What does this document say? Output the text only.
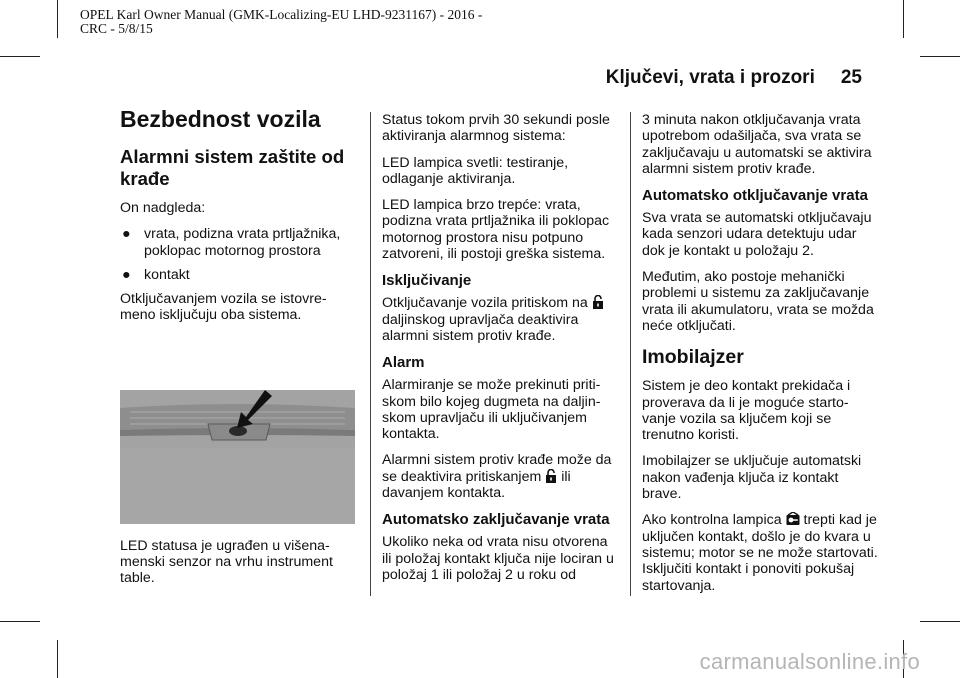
OPEL Karl Owner Manual (GMK-Localizing-EU LHD-9231167) - 2016 -
CRC - 5/8/15
Ključevi, vrata i prozori 25
Bezbednost vozila
Alarmni sistem zaštite od krađe

On nadgleda:

● vrata, podizna vrata prtljažnika, poklopac motornog prostora
● kontakt

Otključavanjem vozila se istovre-meno isključuju oba sistema.

LED statusa je ugrađen u višena-menski senzor na vrhu instrument table.

Status tokom prvih 30 sekundi posle aktiviranja alarmnog sistema:

LED lampica svetli: testiranje, odlaganje aktiviranja.

LED lampica brzo trepće: vrata, podizna vrata prtljažnika ili poklopac motornog prostora nisu potpuno zatvoreni, ili postoji greška sistema.

Isključivanje

Otključavanje vozila pritiskom na  daljinskog upravljača deaktivira alarmni sistem protiv krađe.

Alarm

Alarmiranje se može prekinuti priti-skom bilo kojeg dugmeta na daljin-skom upravljaču ili uključivanjem kontakta.

Alarmni sistem protiv krađe može da se deaktivira pritiskanjem ili davanjem kontakta.

Automatsko zaključavanje vrata

Ukoliko neka od vrata nisu otvorena ili položaj kontakt ključa nije lociran u položaj 1 ili položaj 2 u roku od

3 minuta nakon otključavanja vrata upotrebom odašiljača, sva vrata se zaključavaju u automatski se aktivira alarmni sistem protiv krađe.

Automatsko otključavanje vrata

Sva vrata se automatski otključavaju kada senzori udara detektuju udar dok je kontakt u položaju 2.

Međutim, ako postoje mehanički problemi u sistemu za zaključavanje vrata ili akumulatoru, vrata se možda neće otključati.

Imobilajzer

Sistem je deo kontakt prekidača i proverava da li je moguće starto-vanje vozila sa ključem koji se trenutno koristi.

Imobilajzer se uključuje automatski nakon vađenja ključa iz kontakt brave.

Ako kontrolna lampica trepti kad je uključen kontakt, došlo je do kvara u sistemu; motor se ne može startovati. Isključiti kontakt i ponoviti pokušaj startovanja.

carmanualsonline.info
